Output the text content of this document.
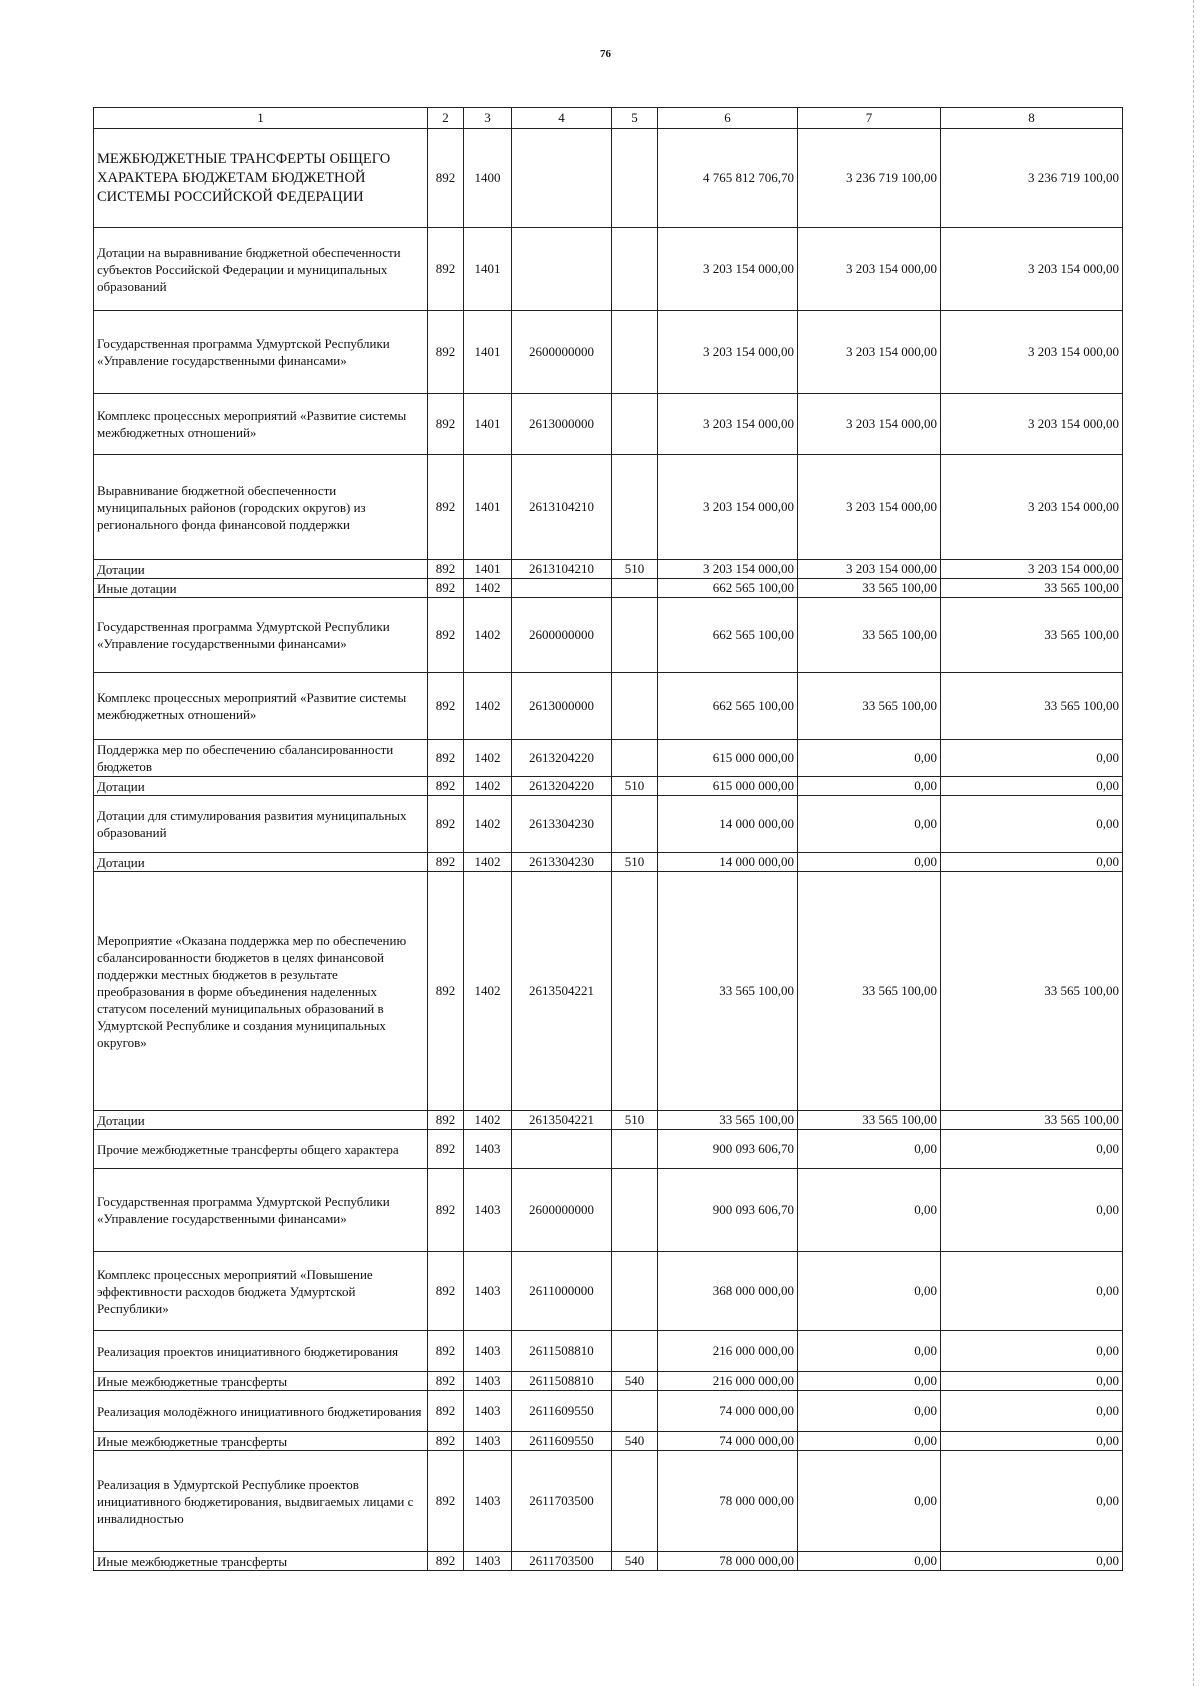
76
1	2	3	4	5	6	7	8
МЕЖБЮДЖЕТНЫЕ ТРАНСФЕРТЫ ОБЩЕГО ХАРАКТЕРА БЮДЖЕТАМ БЮДЖЕТНОЙ СИСТЕМЫ РОССИЙСКОЙ ФЕДЕРАЦИИ	892	1400			4 765 812 706,70	3 236 719 100,00	3 236 719 100,00
Дотации на выравнивание бюджетной обеспеченности субъектов Российской Федерации и муниципальных образований	892	1401			3 203 154 000,00	3 203 154 000,00	3 203 154 000,00
Государственная программа Удмуртской Республики «Управление государственными финансами»	892	1401	2600000000		3 203 154 000,00	3 203 154 000,00	3 203 154 000,00
Комплекс процессных мероприятий «Развитие системы межбюджетных отношений»	892	1401	2613000000		3 203 154 000,00	3 203 154 000,00	3 203 154 000,00
Выравнивание бюджетной обеспеченности муниципальных районов (городских округов) из регионального фонда финансовой поддержки	892	1401	2613104210		3 203 154 000,00	3 203 154 000,00	3 203 154 000,00
Дотации	892	1401	2613104210	510	3 203 154 000,00	3 203 154 000,00	3 203 154 000,00
Иные дотации	892	1402			662 565 100,00	33 565 100,00	33 565 100,00
Государственная программа Удмуртской Республики «Управление государственными финансами»	892	1402	2600000000		662 565 100,00	33 565 100,00	33 565 100,00
Комплекс процессных мероприятий «Развитие системы межбюджетных отношений»	892	1402	2613000000		662 565 100,00	33 565 100,00	33 565 100,00
Поддержка мер по обеспечению сбалансированности бюджетов	892	1402	2613204220		615 000 000,00	0,00	0,00
Дотации	892	1402	2613204220	510	615 000 000,00	0,00	0,00
Дотации для стимулирования развития муниципальных образований	892	1402	2613304230		14 000 000,00	0,00	0,00
Дотации	892	1402	2613304230	510	14 000 000,00	0,00	0,00
Мероприятие «Оказана поддержка мер по обеспечению сбалансированности бюджетов в целях финансовой поддержки местных бюджетов в результате преобразования в форме объединения наделенных статусом поселений муниципальных образований в Удмуртской Республике и создания муниципальных округов»	892	1402	2613504221		33 565 100,00	33 565 100,00	33 565 100,00
Дотации	892	1402	2613504221	510	33 565 100,00	33 565 100,00	33 565 100,00
Прочие межбюджетные трансферты общего характера	892	1403			900 093 606,70	0,00	0,00
Государственная программа Удмуртской Республики «Управление государственными финансами»	892	1403	2600000000		900 093 606,70	0,00	0,00
Комплекс процессных мероприятий «Повышение эффективности расходов бюджета Удмуртской Республики»	892	1403	2611000000		368 000 000,00	0,00	0,00
Реализация проектов инициативного бюджетирования	892	1403	2611508810		216 000 000,00	0,00	0,00
Иные межбюджетные трансферты	892	1403	2611508810	540	216 000 000,00	0,00	0,00
Реализация молодёжного инициативного бюджетирования	892	1403	2611609550		74 000 000,00	0,00	0,00
Иные межбюджетные трансферты	892	1403	2611609550	540	74 000 000,00	0,00	0,00
Реализация в Удмуртской Республике проектов инициативного бюджетирования, выдвигаемых лицами с инвалидностью	892	1403	2611703500		78 000 000,00	0,00	0,00
Иные межбюджетные трансферты	892	1403	2611703500	540	78 000 000,00	0,00	0,00
